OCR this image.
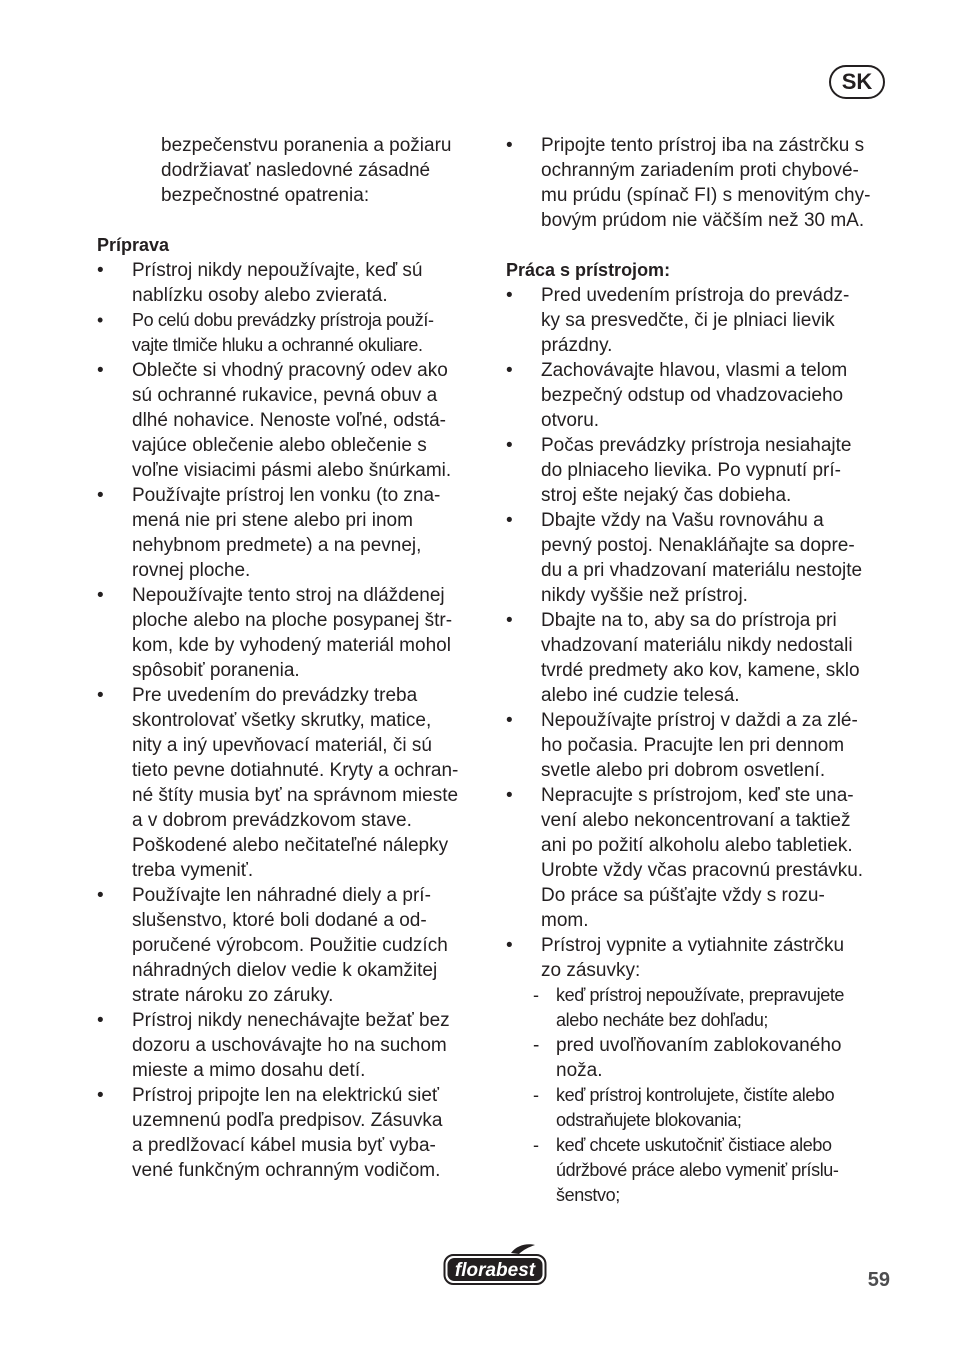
SK

bezpečenstvu poranenia a požiaru
dodržiavať nasledovné zásadné
bezpečnostné opatrenia:

Príprava
• Prístroj nikdy nepoužívajte, keď sú
nablízku osoby alebo zvieratá.
• Po celú dobu prevádzky prístroja použí-
vajte tlmiče hluku a ochranné okuliare.
• Oblečte si vhodný pracovný odev ako
sú ochranné rukavice, pevná obuv a
dlhé nohavice. Nenoste voľné, odstá-
vajúce oblečenie alebo oblečenie s
voľne visiacimi pásmi alebo šnúrkami.
• Používajte prístroj len vonku (to zna-
mená nie pri stene alebo pri inom
nehybnom predmete) a na pevnej,
rovnej ploche.
• Nepoužívajte tento stroj na dláždenej
ploche alebo na ploche posypanej štr-
kom, kde by vyhodený materiál mohol
spôsobiť poranenia.
• Pre uvedením do prevádzky treba
skontrolovať všetky skrutky, matice,
nity a iný upevňovací materiál, či sú
tieto pevne dotiahnuté. Kryty a ochran-
né štíty musia byť na správnom mieste
a v dobrom prevádzkovom stave.
Poškodené alebo nečitateľné nálepky
treba vymeniť.
• Používajte len náhradné diely a prí-
slušenstvo, ktoré boli dodané a od-
poručené výrobcom. Použitie cudzích
náhradných dielov vedie k okamžitej
strate nároku zo záruky.
• Prístroj nikdy nenechávajte bežať bez
dozoru a uschovávajte ho na suchom
mieste a mimo dosahu detí.
• Prístroj pripojte len na elektrickú sieť
uzemnenú podľa predpisov. Zásuvka
a predlžovací kábel musia byť vyba-
vené funkčným ochranným vodičom.
• Pripojte tento prístroj iba na zástrčku s
ochranným zariadením proti chybové-
mu prúdu (spínač FI) s menovitým chy-
bovým prúdom nie väčším než 30 mA.
Práca s prístrojom:
• Pred uvedením prístroja do prevádz-
ky sa presvedčte, či je plniaci lievik
prázdny.
• Zachovávajte hlavou, vlasmi a telom
bezpečný odstup od vhadzovacieho
otvoru.
• Počas prevádzky prístroja nesiahajte
do plniaceho lievika. Po vypnutí prí-
stroj ešte nejaký čas dobieha.
• Dbajte vždy na Vašu rovnováhu a
pevný postoj. Nenakláňajte sa dopre-
du a pri vhadzovaní materiálu nestojte
nikdy vyššie než prístroj.
• Dbajte na to, aby sa do prístroja pri
vhadzovaní materiálu nikdy nedostali
tvrdé predmety ako kov, kamene, sklo
alebo iné cudzie telesá.
• Nepoužívajte prístroj v daždi a za zlé-
ho počasia. Pracujte len pri dennom
svetle alebo pri dobrom osvetlení.
• Nepracujte s prístrojom, keď ste una-
vení alebo nekoncentrovaní a taktiež
ani po požití alkoholu alebo tabletiek.
Urobte vždy včas pracovnú prestávku.
Do práce sa púšťajte vždy s rozu-
mom.
• Prístroj vypnite a vytiahnite zástrčku
zo zásuvky:
- keď prístroj nepoužívate, prepravujete
alebo necháte bez dohľadu;
- pred uvoľňovaním zablokovaného
noža.
- keď prístroj kontrolujete, čistíte alebo
odstraňujete blokovania;
- keď chcete uskutočniť čistiace alebo
údržbové práce alebo vymeniť príslu-
šenstvo;
florabest	59
